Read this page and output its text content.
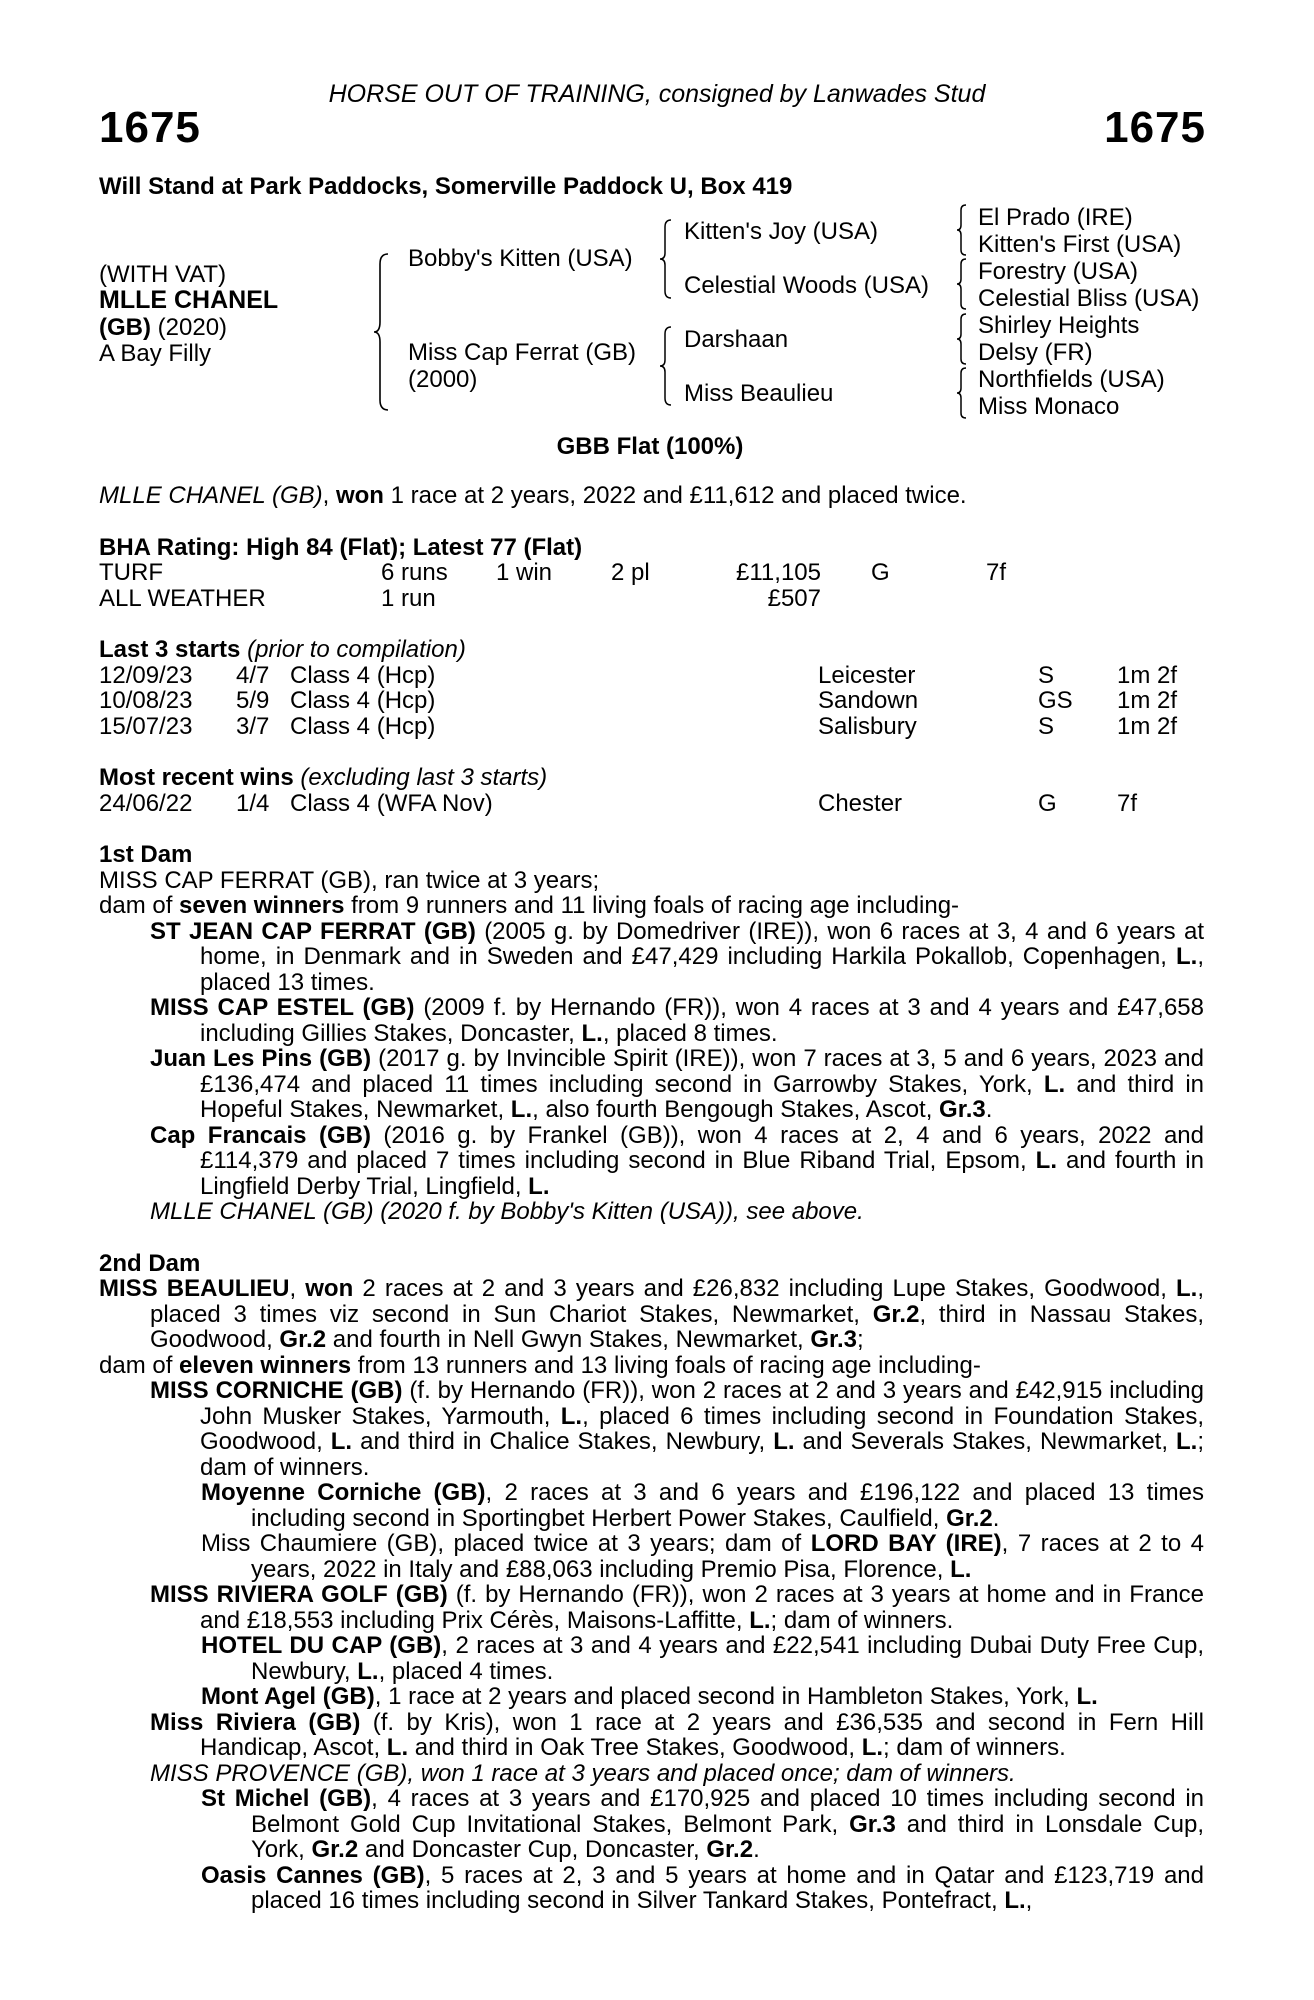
HORSE OUT OF TRAINING, consigned by Lanwades Stud
1675	1675
Will Stand at Park Paddocks, Somerville Paddock U, Box 419
(WITH VAT)
MLLE CHANEL
(GB) (2020)
A Bay Filly
Bobby's Kitten (USA)
Miss Cap Ferrat (GB)
(2000)
Kitten's Joy (USA)
Celestial Woods (USA)
Darshaan
Miss Beaulieu
El Prado (IRE)
Kitten's First (USA)
Forestry (USA)
Celestial Bliss (USA)
Shirley Heights
Delsy (FR)
Northfields (USA)
Miss Monaco
GBB Flat (100%)
MLLE CHANEL (GB), won 1 race at 2 years, 2022 and £11,612 and placed twice.
BHA Rating: High 84 (Flat); Latest 77 (Flat)
TURF	6 runs	1 win	2 pl	£11,105 G	7f
ALL WEATHER	1 run	£507
Last 3 starts (prior to compilation)
12/09/23	4/7 Class 4 (Hcp)	Leicester	S	1m 2f
10/08/23	5/9 Class 4 (Hcp)	Sandown	GS	1m 2f
15/07/23	3/7 Class 4 (Hcp)	Salisbury	S	1m 2f
Most recent wins (excluding last 3 starts)
24/06/22	1/4 Class 4 (WFA Nov)	Chester	G	7f
1st Dam
MISS CAP FERRAT (GB), ran twice at 3 years;
dam of seven winners from 9 runners and 11 living foals of racing age including-
ST JEAN CAP FERRAT (GB) (2005 g. by Domedriver (IRE)), won 6 races at 3, 4 and 6 years at home, in Denmark and in Sweden and £47,429 including Harkila Pokallob, Copenhagen, L., placed 13 times.
MISS CAP ESTEL (GB) (2009 f. by Hernando (FR)), won 4 races at 3 and 4 years and £47,658 including Gillies Stakes, Doncaster, L., placed 8 times.
Juan Les Pins (GB) (2017 g. by Invincible Spirit (IRE)), won 7 races at 3, 5 and 6 years, 2023 and £136,474 and placed 11 times including second in Garrowby Stakes, York, L. and third in Hopeful Stakes, Newmarket, L., also fourth Bengough Stakes, Ascot, Gr.3.
Cap Francais (GB) (2016 g. by Frankel (GB)), won 4 races at 2, 4 and 6 years, 2022 and £114,379 and placed 7 times including second in Blue Riband Trial, Epsom, L. and fourth in Lingfield Derby Trial, Lingfield, L.
MLLE CHANEL (GB) (2020 f. by Bobby's Kitten (USA)), see above.
2nd Dam
MISS BEAULIEU, won 2 races at 2 and 3 years and £26,832 including Lupe Stakes, Goodwood, L., placed 3 times viz second in Sun Chariot Stakes, Newmarket, Gr.2, third in Nassau Stakes, Goodwood, Gr.2 and fourth in Nell Gwyn Stakes, Newmarket, Gr.3;
dam of eleven winners from 13 runners and 13 living foals of racing age including-
MISS CORNICHE (GB) (f. by Hernando (FR)), won 2 races at 2 and 3 years and £42,915 including John Musker Stakes, Yarmouth, L., placed 6 times including second in Foundation Stakes, Goodwood, L. and third in Chalice Stakes, Newbury, L. and Severals Stakes, Newmarket, L.; dam of winners.
Moyenne Corniche (GB), 2 races at 3 and 6 years and £196,122 and placed 13 times including second in Sportingbet Herbert Power Stakes, Caulfield, Gr.2.
Miss Chaumiere (GB), placed twice at 3 years; dam of LORD BAY (IRE), 7 races at 2 to 4 years, 2022 in Italy and £88,063 including Premio Pisa, Florence, L.
MISS RIVIERA GOLF (GB) (f. by Hernando (FR)), won 2 races at 3 years at home and in France and £18,553 including Prix Cérès, Maisons-Laffitte, L.; dam of winners.
HOTEL DU CAP (GB), 2 races at 3 and 4 years and £22,541 including Dubai Duty Free Cup, Newbury, L., placed 4 times.
Mont Agel (GB), 1 race at 2 years and placed second in Hambleton Stakes, York, L.
Miss Riviera (GB) (f. by Kris), won 1 race at 2 years and £36,535 and second in Fern Hill Handicap, Ascot, L. and third in Oak Tree Stakes, Goodwood, L.; dam of winners.
MISS PROVENCE (GB), won 1 race at 3 years and placed once; dam of winners.
St Michel (GB), 4 races at 3 years and £170,925 and placed 10 times including second in Belmont Gold Cup Invitational Stakes, Belmont Park, Gr.3 and third in Lonsdale Cup, York, Gr.2 and Doncaster Cup, Doncaster, Gr.2.
Oasis Cannes (GB), 5 races at 2, 3 and 5 years at home and in Qatar and £123,719 and placed 16 times including second in Silver Tankard Stakes, Pontefract, L.,
